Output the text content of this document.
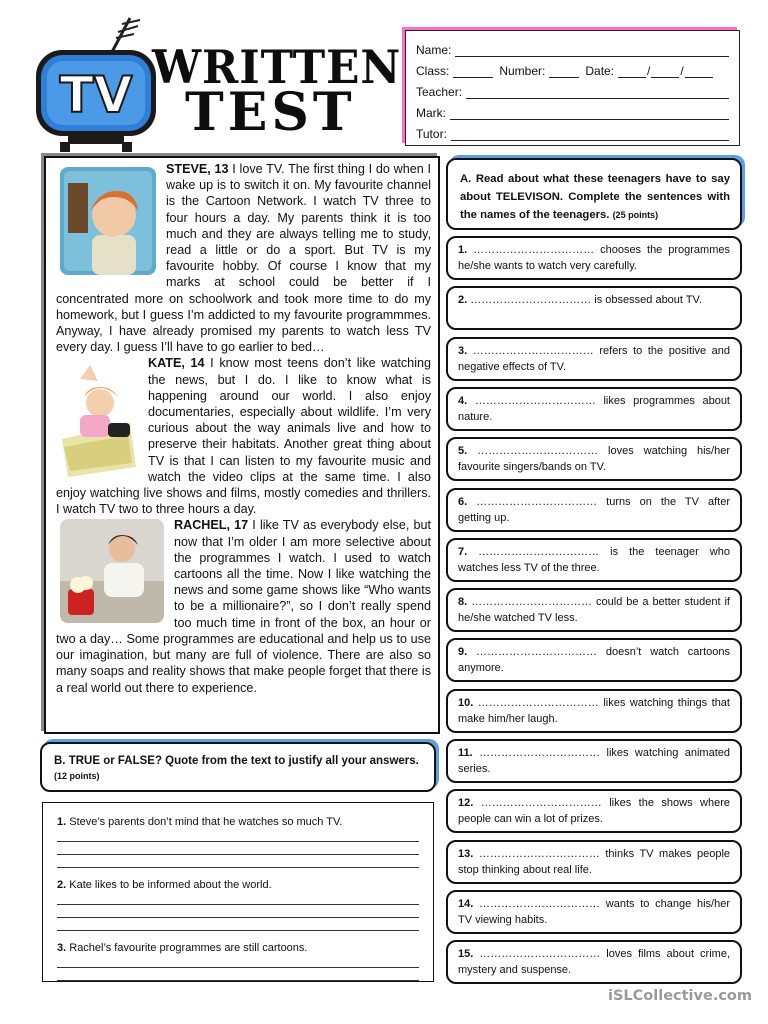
TV WRITTEN
TEST
Name:
Class:	Number:	Date:	/	/
Teacher:
Mark:
Tutor:

STEVE, 13 I love TV. The first thing I do when I wake up is to switch it on. My favourite channel is the Cartoon Network. I watch TV three to four hours a day. My parents think it is too much and they are always telling me to study, read a little or do a sport. But TV is my favourite hobby. Of course I know that my marks at school could be better if I concentrated more on schoolwork and took more time to do my homework, but I guess I’m addicted to my favourite programmmes. Anyway, I have already promised my parents to watch less TV every day. I guess I’ll have to go earlier to bed…

KATE, 14 I know most teens don’t like watching the news, but I do. I like to know what is happening around our world. I also enjoy documentaries, especially about wildlife. I’m very curious about the way animals live and how to preserve their habitats. Another great thing about TV is that I can listen to my favourite music and watch the video clips at the same time. I also enjoy watching live shows and films, mostly comedies and thrillers. I watch TV two to three hours a day.

RACHEL, 17 I like TV as everybody else, but now that I’m older I am more selective about the programmes I watch. I used to watch cartoons all the time. Now I like watching the news and some game shows like “Who wants to be a millionaire?”, so I don’t really spend too much time in front of the box, an hour or two a day… Some programmes are educational and help us to use our imagination, but many are full of violence. There are also so many soaps and reality shows that make people forget that there is a real world out there to experience.

A. Read about what these teenagers have to say about TELEVISON. Complete the sentences with the names of the teenagers. (25 points)
1. …………………………… chooses the programmes he/she wants to watch very carefully.
2. …………………………… is obsessed about TV.
3. …………………………… refers to the positive and negative effects of TV.
4. …………………………… likes programmes about nature.
5. …………………………… loves watching his/her favourite singers/bands on TV.
6. …………………………… turns on the TV after getting up.
7. …………………………… is the teenager who watches less TV of the three.
8. …………………………… could be a better student if he/she watched TV less.
9. …………………………… doesn’t watch cartoons anymore.
10. …………………………… likes watching things that make him/her laugh.
11. …………………………… likes watching animated series.
12. …………………………… likes the shows where people can win a lot of prizes.
13. …………………………… thinks TV makes people stop thinking about real life.
14. …………………………… wants to change his/her TV viewing habits.
15. …………………………… loves films about crime, mystery and suspense.
B. TRUE or FALSE? Quote from the text to justify all your answers.
(12 points)
1. Steve’s parents don’t mind that he watches so much TV.
2. Kate likes to be informed about the world.
3. Rachel’s favourite programmes are still cartoons.
iSLCollective.com
